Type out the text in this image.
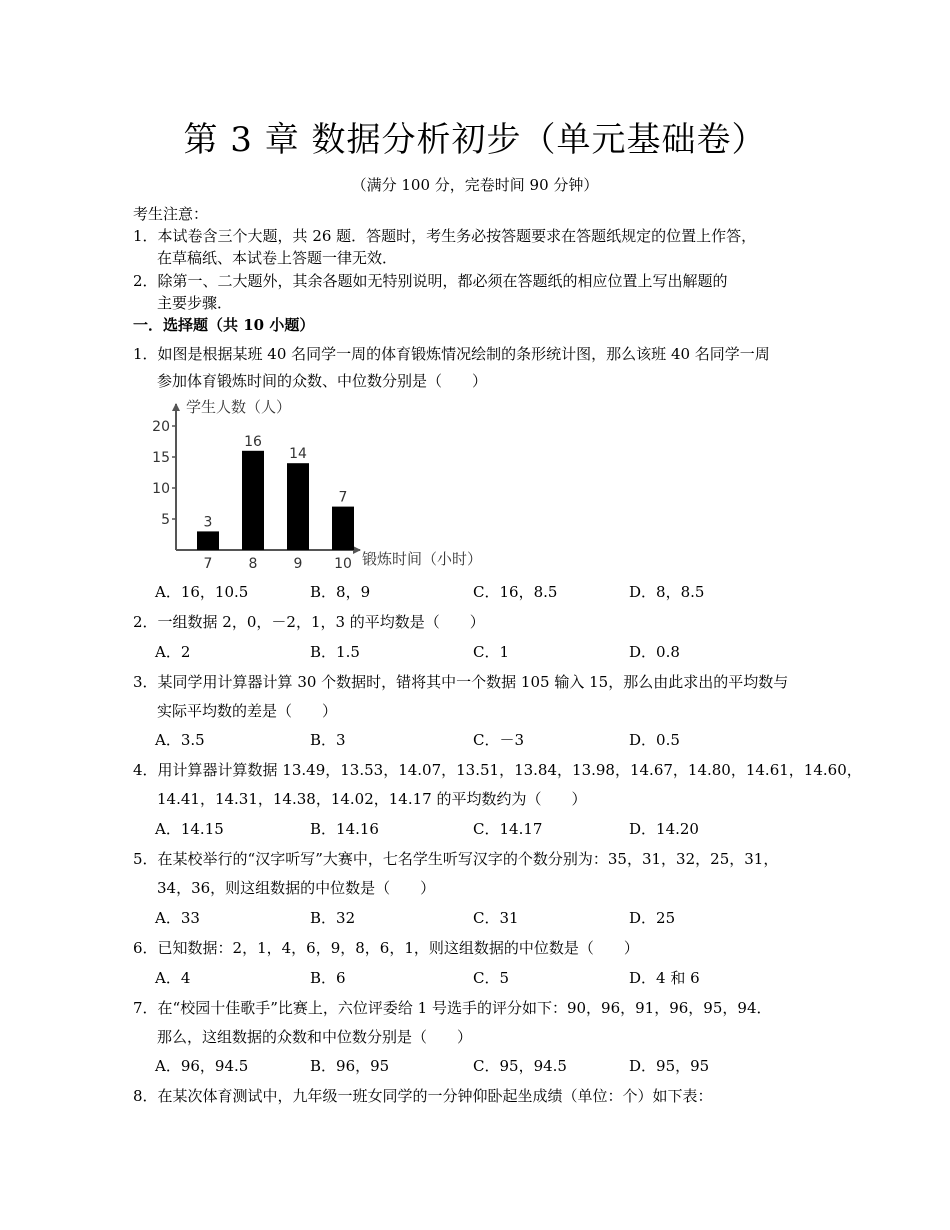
第 3 章 数据分析初步（单元基础卷）
（满分 100 分，完卷时间 90 分钟）
考生注意：
1．本试卷含三个大题，共 26 题．答题时，考生务必按答题要求在答题纸规定的位置上作答，
在草稿纸、本试卷上答题一律无效．
2．除第一、二大题外，其余各题如无特别说明，都必须在答题纸的相应位置上写出解题的
主要步骤．
一．选择题（共 10 小题）
1．如图是根据某班 40 名同学一周的体育锻炼情况绘制的条形统计图，那么该班 40 名同学一周
参加体育锻炼时间的众数、中位数分别是（　　）
学生人数（人）
锻炼时间（小时）
5
10
15
20
3
7
16
8
14
9
7
10
A．16，10.5	B．8，9	C．16，8.5	D．8，8.5
2．一组数据 2，0，－2，1，3 的平均数是（　　）
A．2	B．1.5	C．1	D．0.8
3．某同学用计算器计算 30 个数据时，错将其中一个数据 105 输入 15，那么由此求出的平均数与
实际平均数的差是（　　）
A．3.5	B．3	C．－3	D．0.5
4．用计算器计算数据 13.49，13.53，14.07，13.51，13.84，13.98，14.67，14.80，14.61，14.60，
14.41，14.31，14.38，14.02，14.17 的平均数约为（　　）
A．14.15	B．14.16	C．14.17	D．14.20
5．在某校举行的“汉字听写”大赛中，七名学生听写汉字的个数分别为：35，31，32，25，31，
34，36，则这组数据的中位数是（　　）
A．33	B．32	C．31	D．25
6．已知数据：2，1，4，6，9，8，6，1，则这组数据的中位数是（　　）
A．4	B．6	C．5	D．4 和 6
7．在“校园十佳歌手”比赛上，六位评委给 1 号选手的评分如下：90，96，91，96，95，94．
那么，这组数据的众数和中位数分别是（　　）
A．96，94.5	B．96，95	C．95，94.5	D．95，95
8．在某次体育测试中，九年级一班女同学的一分钟仰卧起坐成绩（单位：个）如下表：
